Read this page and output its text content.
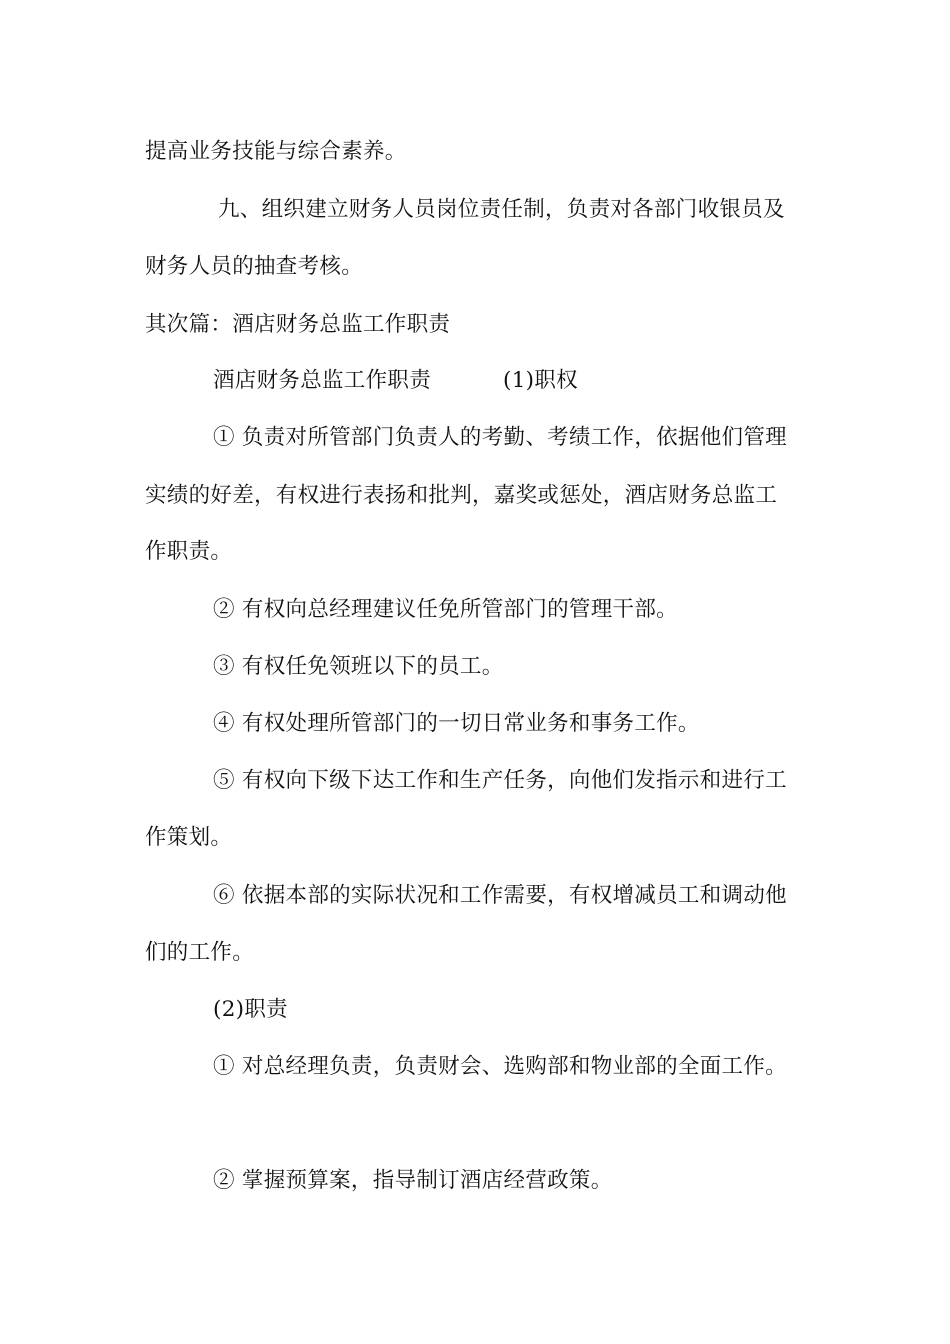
提高业务技能与综合素养。
九、组织建立财务人员岗位责任制，负责对各部门收银员及
财务人员的抽查考核。
其次篇：酒店财务总监工作职责
酒店财务总监工作职责	(1)职权
① 负责对所管部门负责人的考勤、考绩工作，依据他们管理
实绩的好差，有权进行表扬和批判，嘉奖或惩处，酒店财务总监工
作职责。
② 有权向总经理建议任免所管部门的管理干部。
③ 有权任免领班以下的员工。
④ 有权处理所管部门的一切日常业务和事务工作。
⑤ 有权向下级下达工作和生产任务，向他们发指示和进行工
作策划。
⑥ 依据本部的实际状况和工作需要，有权增减员工和调动他
们的工作。
(2)职责
① 对总经理负责，负责财会、选购部和物业部的全面工作。
② 掌握预算案，指导制订酒店经营政策。
